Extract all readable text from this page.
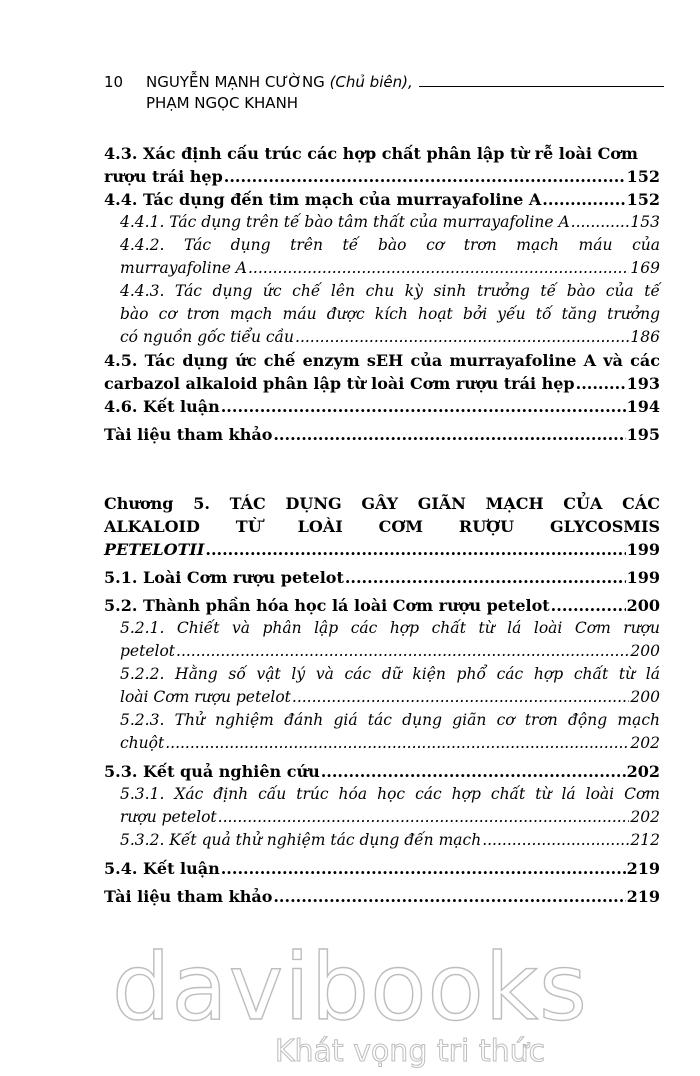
10	NGUYỄN MẠNH CƯỜNG (Chủ biên),
PHẠM NGỌC KHANH
4.3. Xác định cấu trúc các hợp chất phân lập từ rễ loài Cơm
rượu trái hẹp .....	152
4.4. Tác dụng đến tim mạch của murrayafoline A .....	152
4.4.1. Tác dụng trên tế bào tâm thất của murrayafoline A .....	153
4.4.2. Tác dụng trên tế bào cơ trơn mạch máu của
murrayafoline A .....	169
4.4.3. Tác dụng ức chế lên chu kỳ sinh trưởng tế bào của tế
bào cơ trơn mạch máu được kích hoạt bởi yếu tố tăng trưởng
có nguồn gốc tiểu cầu .....	186
4.5. Tác dụng ức chế enzym sEH của murrayafoline A và các
carbazol alkaloid phân lập từ loài Cơm rượu trái hẹp .....	193
4.6. Kết luận .....	194
Tài liệu tham khảo .....	195
Chương 5. TÁC DỤNG GÂY GIÃN MẠCH CỦA CÁC
ALKALOID TỪ LOÀI CƠM RƯỢU GLYCOSMIS
PETELOTII .....	199
5.1. Loài Cơm rượu petelot .....	199
5.2. Thành phần hóa học lá loài Cơm rượu petelot .....	200
5.2.1. Chiết và phân lập các hợp chất từ lá loài Cơm rượu
petelot .....	200
5.2.2. Hằng số vật lý và các dữ kiện phổ các hợp chất từ lá
loài Cơm rượu petelot .....	200
5.2.3. Thử nghiệm đánh giá tác dụng giãn cơ trơn động mạch
chuột .....	202
5.3. Kết quả nghiên cứu .....	202
5.3.1. Xác định cấu trúc hóa học các hợp chất từ lá loài Cơm
rượu petelot .....	202
5.3.2. Kết quả thử nghiệm tác dụng đến mạch .....	212
5.4. Kết luận .....	219
Tài liệu tham khảo .....	219
davibooks
Khát vọng tri thức
